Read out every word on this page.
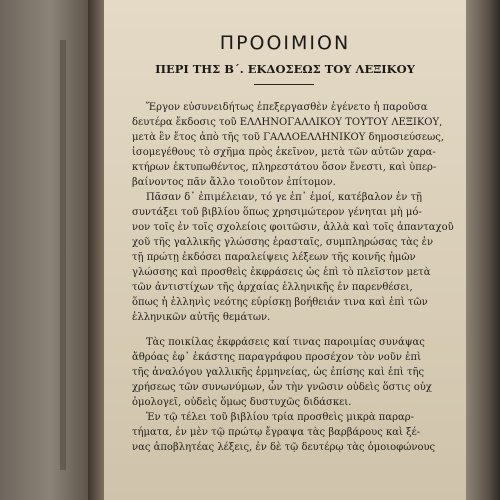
ΠΡΟΟΙΜΙΟΝ
ΠΕΡΙ ΤΗΣ Β΄. ΕΚΔΟΣΕΩΣ ΤΟΥ ΛΕΞΙΚΟΥ
Ἔργον εὐσυνειδήτως ἐπεξεργασθὲν ἐγένετο ἡ παροῦσα
δευτέρα ἔκδοσις τοῦ ΕΛΛΗΝΟΓΑΛΛΙΚΟΥ ΤΟΥΤΟΥ ΛΕΞΙΚΟΥ,
μετὰ ἓν ἔτος ἀπὸ τῆς τοῦ ΓΑΛΛΟΕΛΛΗΝΙΚΟΥ δημοσιεύσεως,
ἰσομεγέθους τὸ σχῆμα πρὸς ἐκεῖνον, μετὰ τῶν αὐτῶν χαρα-
κτήρων ἐκτυπωθέντος, πληρεστάτου ὅσον ἔνεστι, καὶ ὑπερ-
βαίνοντος πᾶν ἄλλο τοιοῦτον ἐπίτομον.
Πᾶσαν δ᾽ ἐπιμέλειαν, τό γε ἐπ᾽ ἐμοί, κατέβαλον ἐν τῇ
συντάξει τοῦ βιβλίου ὅπως χρησιμώτερον γένηται μὴ μό-
νον τοῖς ἐν τοῖς σχολείοις φοιτῶσιν, ἀλλὰ καὶ τοῖς ἁπανταχοῦ
χοῦ τῆς γαλλικῆς γλώσσης ἐρασταῖς, συμπληρώσας τὰς ἐν
τῇ πρώτῃ ἐκδόσει παραλείψεις λέξεων τῆς κοινῆς ἡμῶν
γλώσσης καὶ προσθεὶς ἐκφράσεις ὡς ἐπὶ τὸ πλεῖστον μετὰ
τῶν ἀντιστίχων τῆς ἀρχαίας ἑλληνικῆς ἐν παρενθέσει,
ὅπως ἡ ἑλληνὶς νεότης εὑρίσκῃ βοήθειάν τινα καὶ ἐπὶ τῶν
ἑλληνικῶν αὐτῆς θεμάτων.
Τὰς ποικίλας ἐκφράσεις καί τινας παροιμίας συνάψας
ἄθρόας ἐφ᾽ ἑκάστης παραγράφου προσέχον τὸν νοῦν ἐπὶ
τῆς ἀναλόγου γαλλικῆς ἑρμηνείας, ὡς ἐπίσης καὶ ἐπὶ τῆς
χρήσεως τῶν συνωνύμων, ὧν τὴν γνῶσιν οὐδεὶς ὅστις οὐχ
ὁμολογεῖ, οὐδεὶς ὅμως δυστυχῶς διδάσκει.
Ἐν τῷ τέλει τοῦ βιβλίου τρία προσθεὶς μικρὰ παραρ-
τήματα, ἐν μὲν τῷ πρώτῳ ἔγραψα τὰς βαρβάρους καὶ ξέ-
νας ἀποβλητέας λέξεις, ἐν δὲ τῷ δευτέρῳ τὰς ὁμοιοφώνους
